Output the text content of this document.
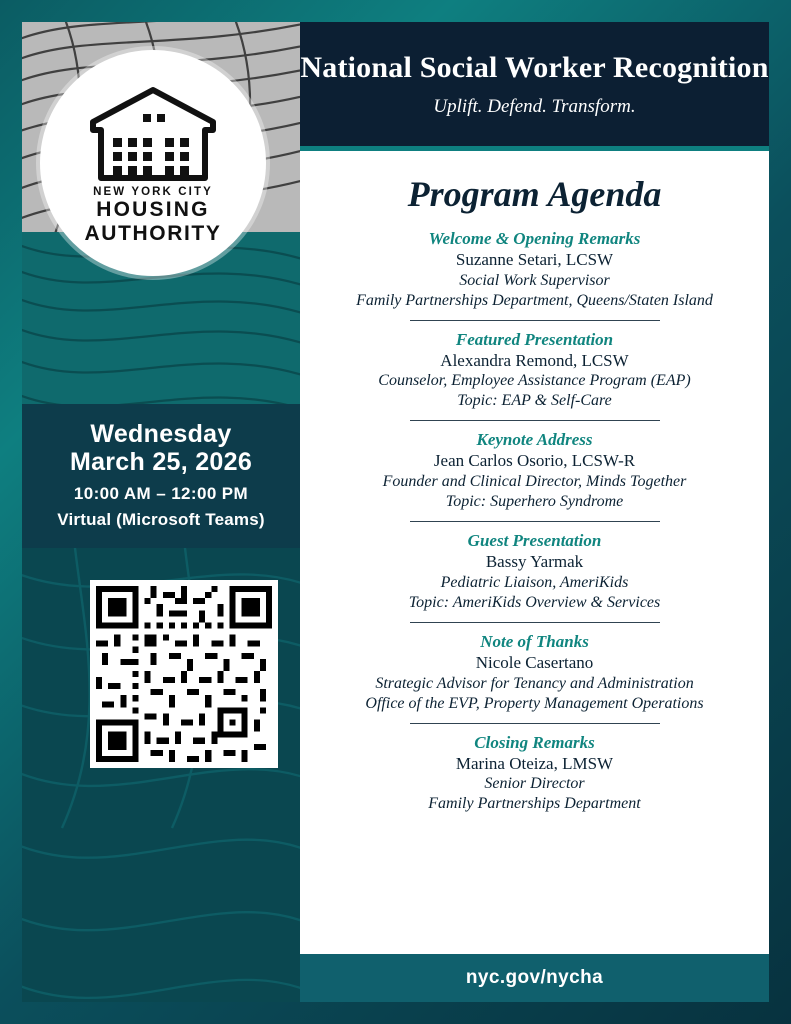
NEW YORK CITY
HOUSING
AUTHORITY
Wednesday
March 25, 2026
10:00 AM – 12:00 PM
Virtual (Microsoft Teams)
National Social Worker Recognition
Uplift. Defend. Transform.
Program Agenda
Welcome & Opening Remarks
Suzanne Setari, LCSW
Social Work Supervisor
Family Partnerships Department, Queens/Staten Island
Featured Presentation
Alexandra Remond, LCSW
Counselor, Employee Assistance Program (EAP)
Topic: EAP & Self-Care
Keynote Address
Jean Carlos Osorio, LCSW-R
Founder and Clinical Director, Minds Together
Topic: Superhero Syndrome
Guest Presentation
Bassy Yarmak
Pediatric Liaison, AmeriKids
Topic: AmeriKids Overview & Services
Note of Thanks
Nicole Casertano
Strategic Advisor for Tenancy and Administration
Office of the EVP, Property Management Operations
Closing Remarks
Marina Oteiza, LMSW
Senior Director
Family Partnerships Department
nyc.gov/nycha
